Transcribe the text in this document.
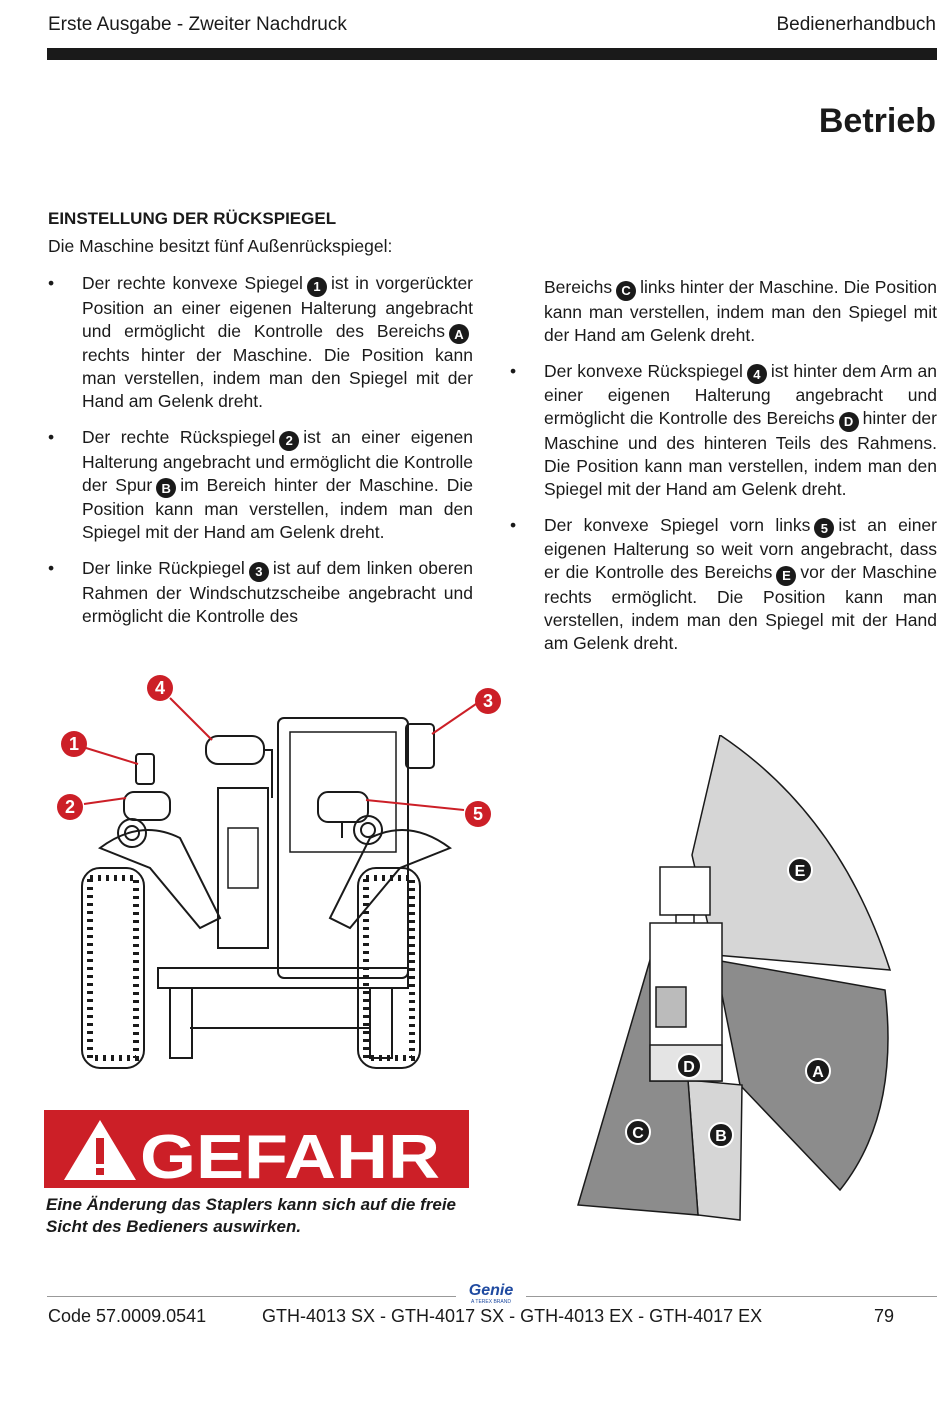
Erste Ausgabe - Zweiter Nachdruck	Bedienerhandbuch
Betrieb
EINSTELLUNG DER RÜCKSPIEGEL
Die Maschine besitzt fünf Außenrückspiegel:
• Der rechte konvexe Spiegel 1 ist in vorgerückter Position an einer eigenen Halterung angebracht und ermöglicht die Kontrolle des Bereichs Arechts hinter der Maschine. Die Position kann man verstellen, indem man den Spiegel mit der Hand am Gelenk dreht.
• Der rechte Rückspiegel 2 ist an einer eigenen Halterung angebracht und ermöglicht die Kontrolle der Spur B im Bereich hinter der Maschine. Die Position kann man verstellen, indem man den Spiegel mit der Hand am Gelenk dreht.
• Der linke Rückpiegel 3 ist auf dem linken oberen Rahmen der Windschutzscheibe angebracht und ermöglicht die Kontrolle des
Bereichs C links hinter der Maschine. Die Position kann man verstellen, indem man den Spiegel mit der Hand am Gelenk dreht.
• Der konvexe Rückspiegel 4 ist hinter dem Arm an einer eigenen Halterung angebracht und ermöglicht die Kontrolle des Bereichs D hinter der Maschine und des hinteren Teils des Rahmens. Die Position kann man verstellen, indem man den Spiegel mit der Hand am Gelenk dreht.
• Der konvexe Spiegel vorn links 5 ist an einer eigenen Halterung so weit vorn angebracht, dass er die Kontrolle des Bereichs E vor der Maschine rechts ermöglicht. Die Position kann man verstellen, indem man den Spiegel mit der Hand am Gelenk dreht.
1
2
3
4
5
E
A
D
C	B
GEFAHR
Eine Änderung das Staplers kann sich auf die freie Sicht des Bedieners auswirken.
Genie
A TEREX BRAND
Code 57.0009.0541	GTH-4013 SX - GTH-4017 SX - GTH-4013 EX - GTH-4017 EX	79
